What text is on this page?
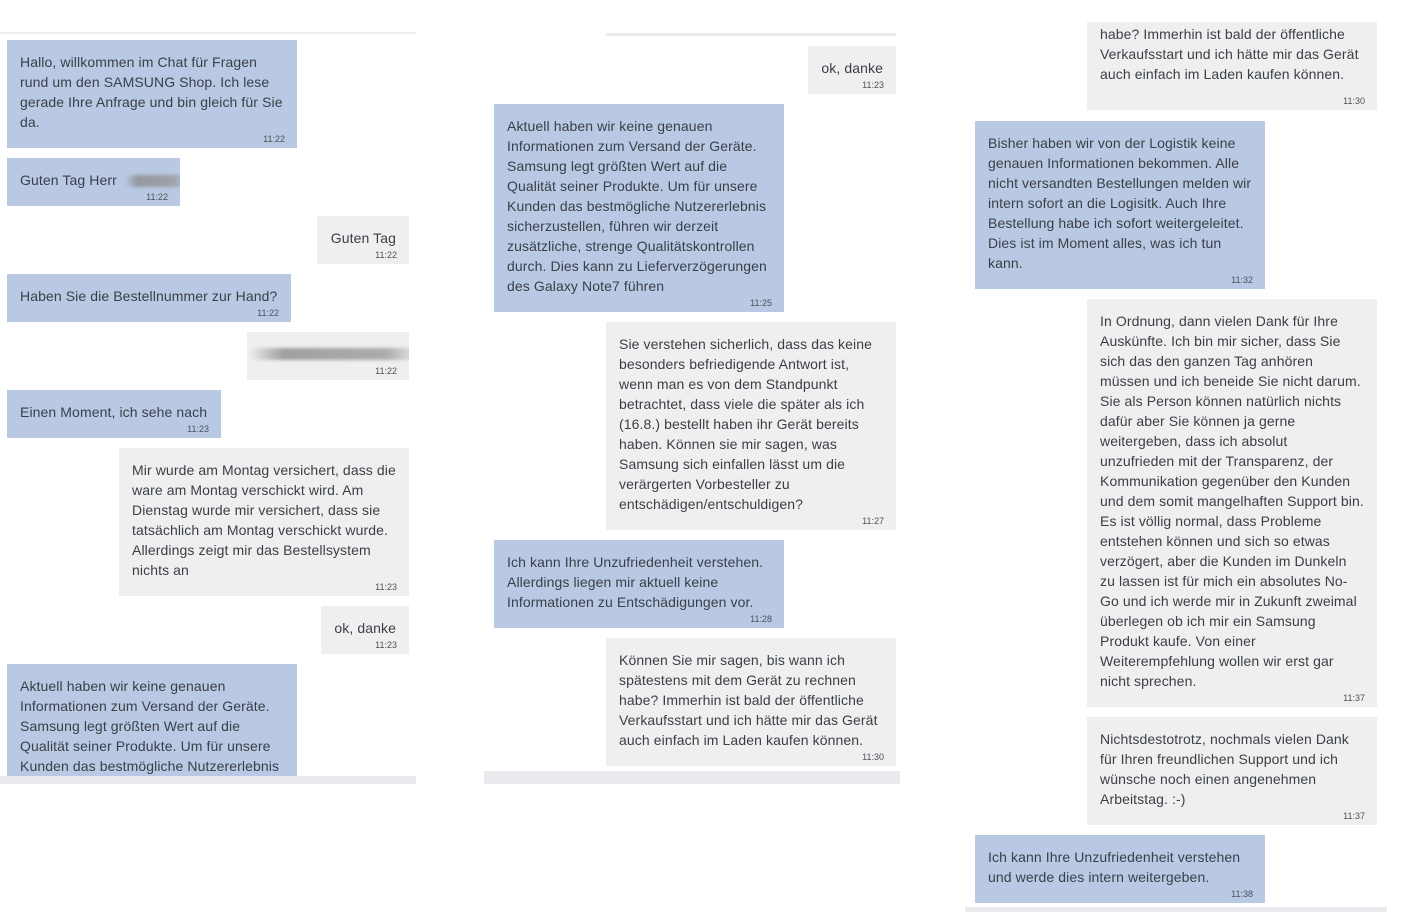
Hallo, willkommen im Chat für Fragen rund um den SAMSUNG Shop. Ich lese gerade Ihre Anfrage und bin gleich für Sie da.
11:22
Guten Tag Herr
11:22
Guten Tag
11:22
Haben Sie die Bestellnummer zur Hand?
11:22
11:22
Einen Moment, ich sehe nach
11:23
Mir wurde am Montag versichert, dass die ware am Montag verschickt wird. Am Dienstag wurde mir versichert, dass sie tatsächlich am Montag verschickt wurde. Allerdings zeigt mir das Bestellsystem nichts an
11:23
ok, danke
11:23
Aktuell haben wir keine genauen Informationen zum Versand der Geräte. Samsung legt größten Wert auf die Qualität seiner Produkte. Um für unsere Kunden das bestmögliche Nutzererlebnis
ok, danke
11:23
Aktuell haben wir keine genauen Informationen zum Versand der Geräte. Samsung legt größten Wert auf die Qualität seiner Produkte. Um für unsere Kunden das bestmögliche Nutzererlebnis sicherzustellen, führen wir derzeit zusätzliche, strenge Qualitätskontrollen durch. Dies kann zu Lieferverzögerungen des Galaxy Note7 führen
11:25
Sie verstehen sicherlich, dass das keine besonders befriedigende Antwort ist, wenn man es von dem Standpunkt betrachtet, dass viele die später als ich (16.8.) bestellt haben ihr Gerät bereits haben. Können sie mir sagen, was Samsung sich einfallen lässt um die verärgerten Vorbesteller zu entschädigen/entschuldigen?
11:27
Ich kann Ihre Unzufriedenheit verstehen. Allerdings liegen mir aktuell keine Informationen zu Entschädigungen vor.
11:28
Können Sie mir sagen, bis wann ich spätestens mit dem Gerät zu rechnen habe? Immerhin ist bald der öffentliche Verkaufsstart und ich hätte mir das Gerät auch einfach im Laden kaufen können.
11:30
habe? Immerhin ist bald der öffentliche Verkaufsstart und ich hätte mir das Gerät auch einfach im Laden kaufen können.
11:30
Bisher haben wir von der Logistik keine genauen Informationen bekommen. Alle nicht versandten Bestellungen melden wir intern sofort an die Logisitk. Auch Ihre Bestellung habe ich sofort weitergeleitet. Dies ist im Moment alles, was ich tun kann.
11:32
In Ordnung, dann vielen Dank für Ihre Auskünfte. Ich bin mir sicher, dass Sie sich das den ganzen Tag anhören müssen und ich beneide Sie nicht darum. Sie als Person können natürlich nichts dafür aber Sie können ja gerne weitergeben, dass ich absolut unzufrieden mit der Transparenz, der Kommunikation gegenüber den Kunden und dem somit mangelhaften Support bin. Es ist völlig normal, dass Probleme entstehen können und sich so etwas verzögert, aber die Kunden im Dunkeln zu lassen ist für mich ein absolutes No-Go und ich werde mir in Zukunft zweimal überlegen ob ich mir ein Samsung Produkt kaufe. Von einer Weiterempfehlung wollen wir erst gar nicht sprechen.
11:37
Nichtsdestotrotz, nochmals vielen Dank für Ihren freundlichen Support und ich wünsche noch einen angenehmen Arbeitstag. :-)
11:37
Ich kann Ihre Unzufriedenheit verstehen und werde dies intern weitergeben.
11:38
